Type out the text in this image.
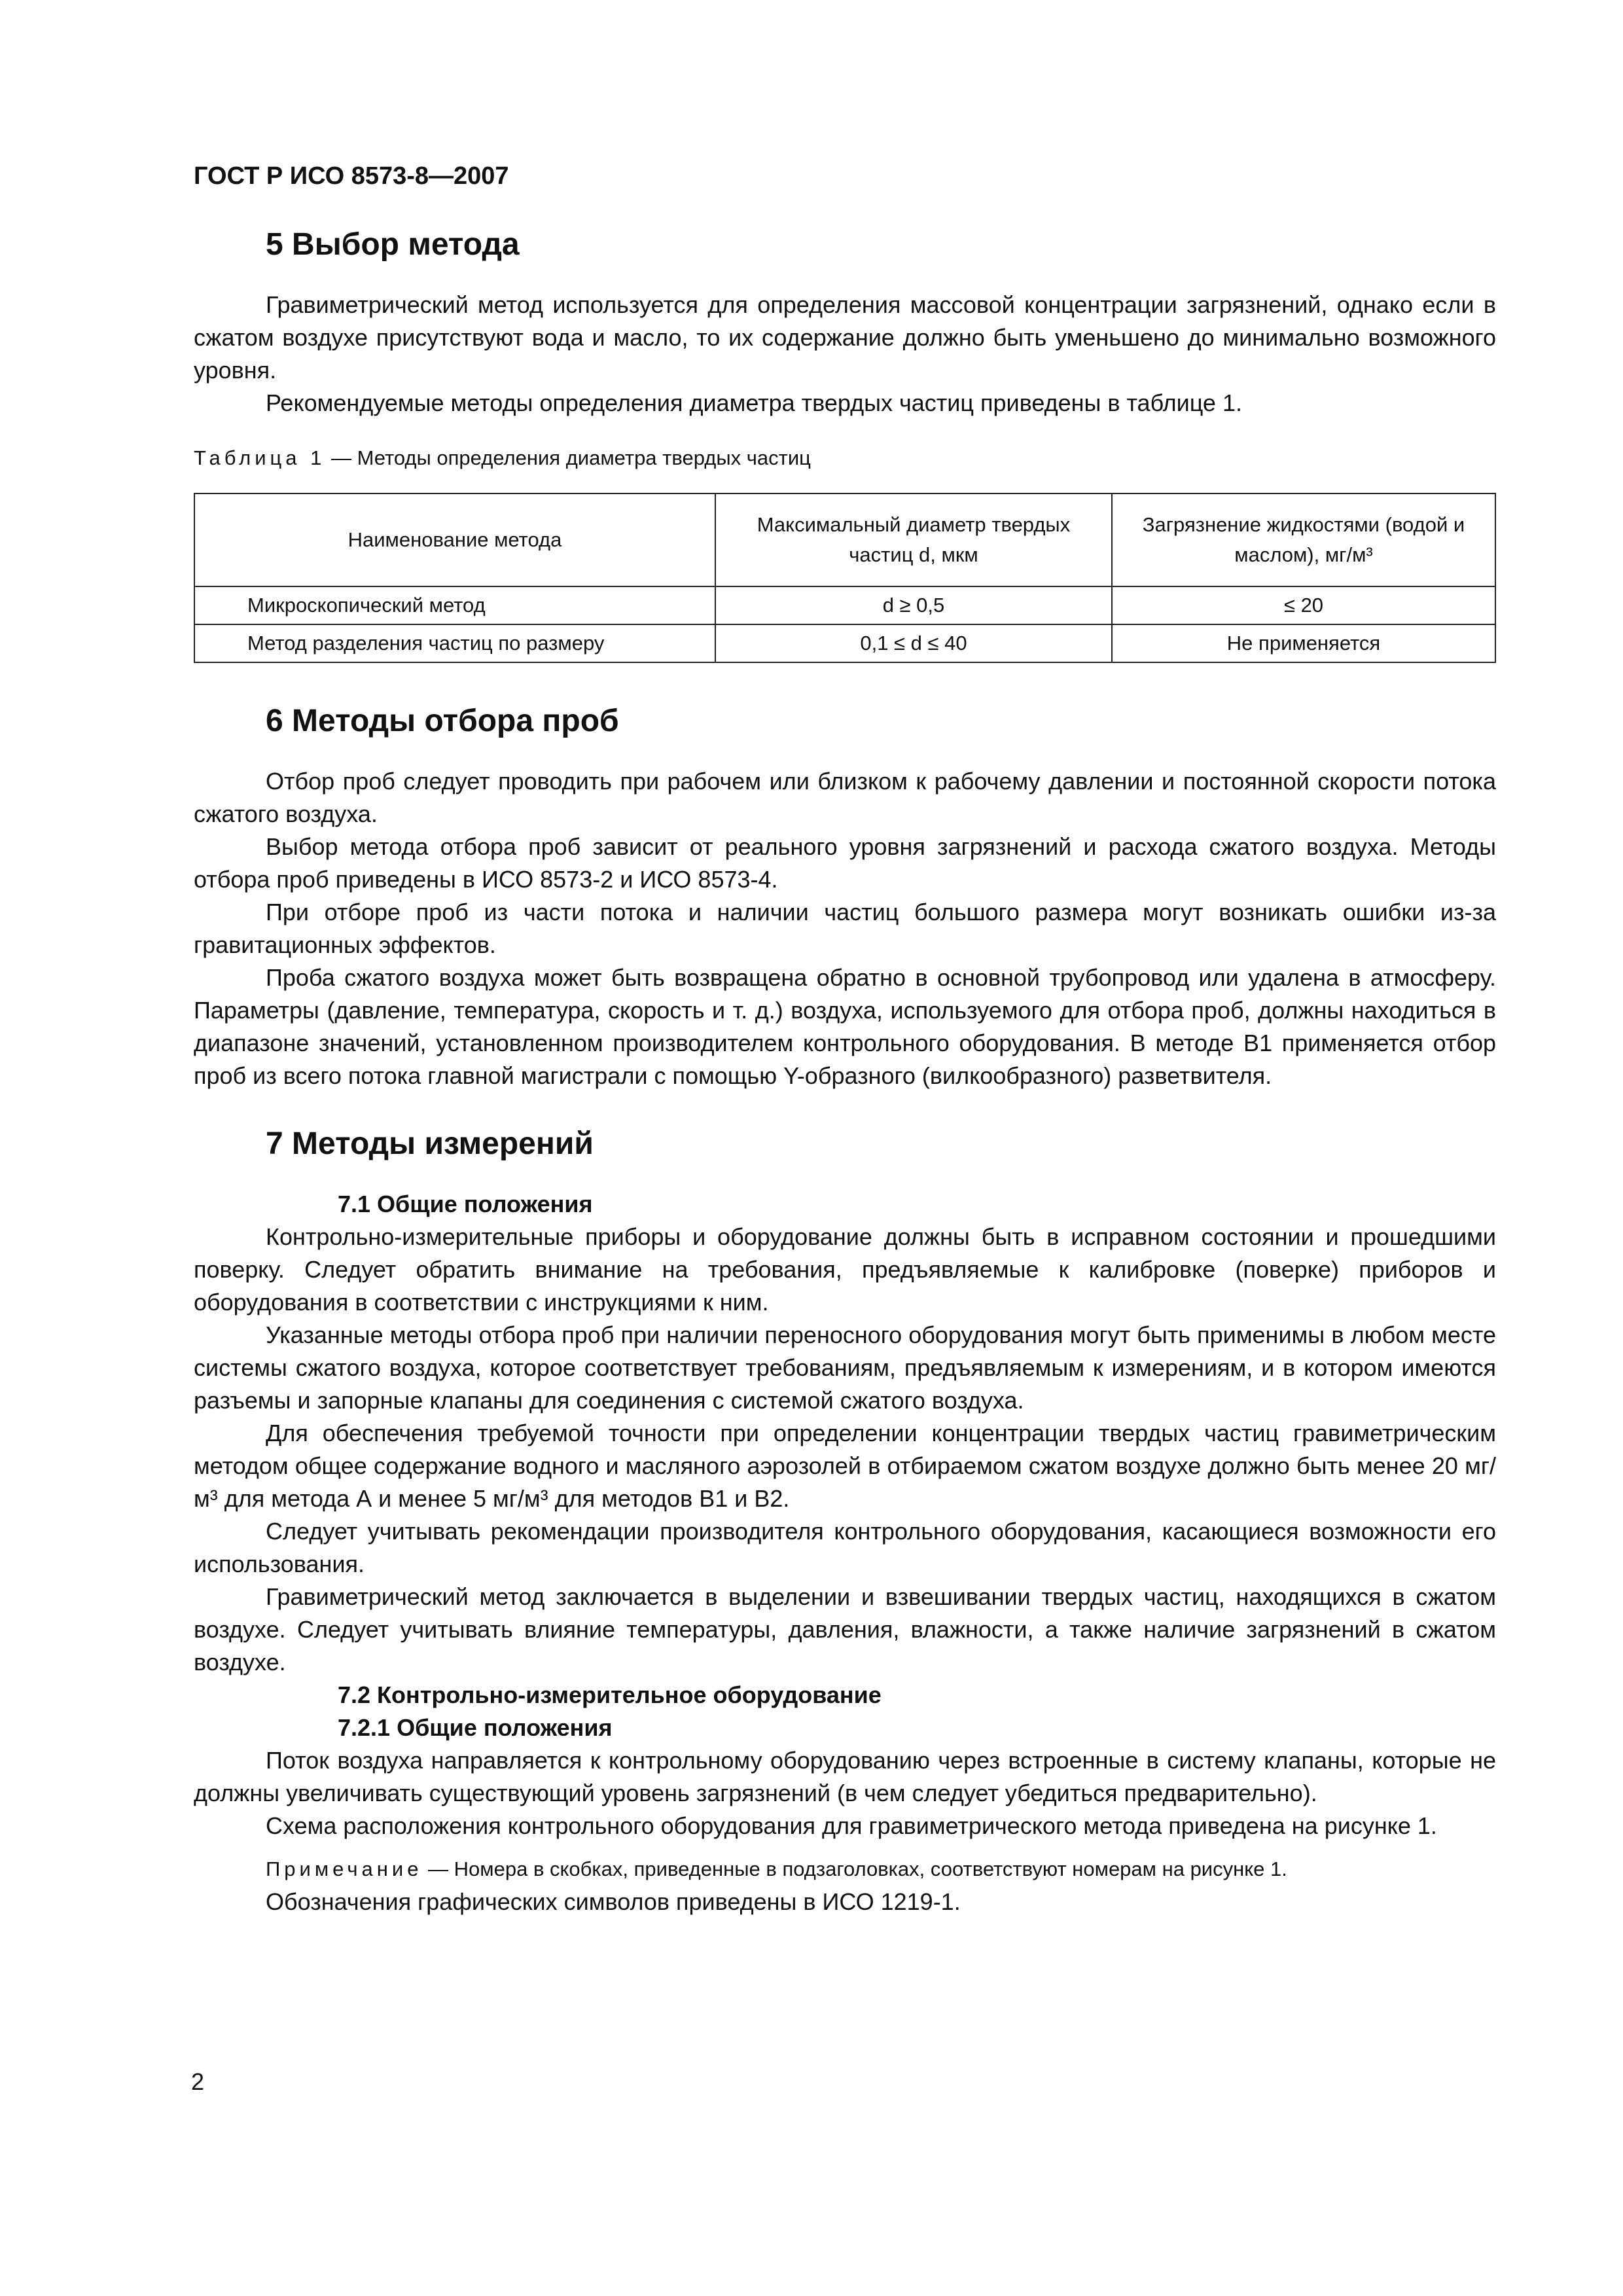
ГОСТ Р ИСО 8573-8—2007
5 Выбор метода

Гравиметрический метод используется для определения массовой концентрации загрязнений, однако если в сжатом воздухе присутствуют вода и масло, то их содержание должно быть уменьшено до минимально возможного уровня.

Рекомендуемые методы определения диаметра твердых частиц приведены в таблице 1.

Таблица 1 — Методы определения диаметра твердых частиц

Наименование метода	Максимальный диаметр твердых частиц d, мкм	Загрязнение жидкостями (водой и маслом), мг/м³
Микроскопический метод	d ≥ 0,5	≤ 20
Метод разделения частиц по размеру	0,1 ≤ d ≤ 40	Не применяется
6 Методы отбора проб

Отбор проб следует проводить при рабочем или близком к рабочему давлении и постоянной скорости потока сжатого воздуха.

Выбор метода отбора проб зависит от реального уровня загрязнений и расхода сжатого воздуха. Методы отбора проб приведены в ИСО 8573-2 и ИСО 8573-4.

При отборе проб из части потока и наличии частиц большого размера могут возникать ошибки из-за гравитационных эффектов.

Проба сжатого воздуха может быть возвращена обратно в основной трубопровод или удалена в атмосферу. Параметры (давление, температура, скорость и т. д.) воздуха, используемого для отбора проб, должны находиться в диапазоне значений, установленном производителем контрольного оборудования. В методе В1 применяется отбор проб из всего потока главной магистрали с помощью Y-образного (вилкообразного) разветвителя.

7 Методы измерений

7.1 Общие положения

Контрольно-измерительные приборы и оборудование должны быть в исправном состоянии и прошедшими поверку. Следует обратить внимание на требования, предъявляемые к калибровке (поверке) приборов и оборудования в соответствии с инструкциями к ним.

Указанные методы отбора проб при наличии переносного оборудования могут быть применимы в любом месте системы сжатого воздуха, которое соответствует требованиям, предъявляемым к измерениям, и в котором имеются разъемы и запорные клапаны для соединения с системой сжатого воздуха.

Для обеспечения требуемой точности при определении концентрации твердых частиц гравиметрическим методом общее содержание водного и масляного аэрозолей в отбираемом сжатом воздухе должно быть менее 20 мг/м³ для метода А и менее 5 мг/м³ для методов В1 и В2.

Следует учитывать рекомендации производителя контрольного оборудования, касающиеся возможности его использования.

Гравиметрический метод заключается в выделении и взвешивании твердых частиц, находящихся в сжатом воздухе. Следует учитывать влияние температуры, давления, влажности, а также наличие загрязнений в сжатом воздухе.

7.2 Контрольно-измерительное оборудование

7.2.1 Общие положения

Поток воздуха направляется к контрольному оборудованию через встроенные в систему клапаны, которые не должны увеличивать существующий уровень загрязнений (в чем следует убедиться предварительно).

Схема расположения контрольного оборудования для гравиметрического метода приведена на рисунке 1.

Примечание — Номера в скобках, приведенные в подзаголовках, соответствуют номерам на рисунке 1.

Обозначения графических символов приведены в ИСО 1219-1.

2
